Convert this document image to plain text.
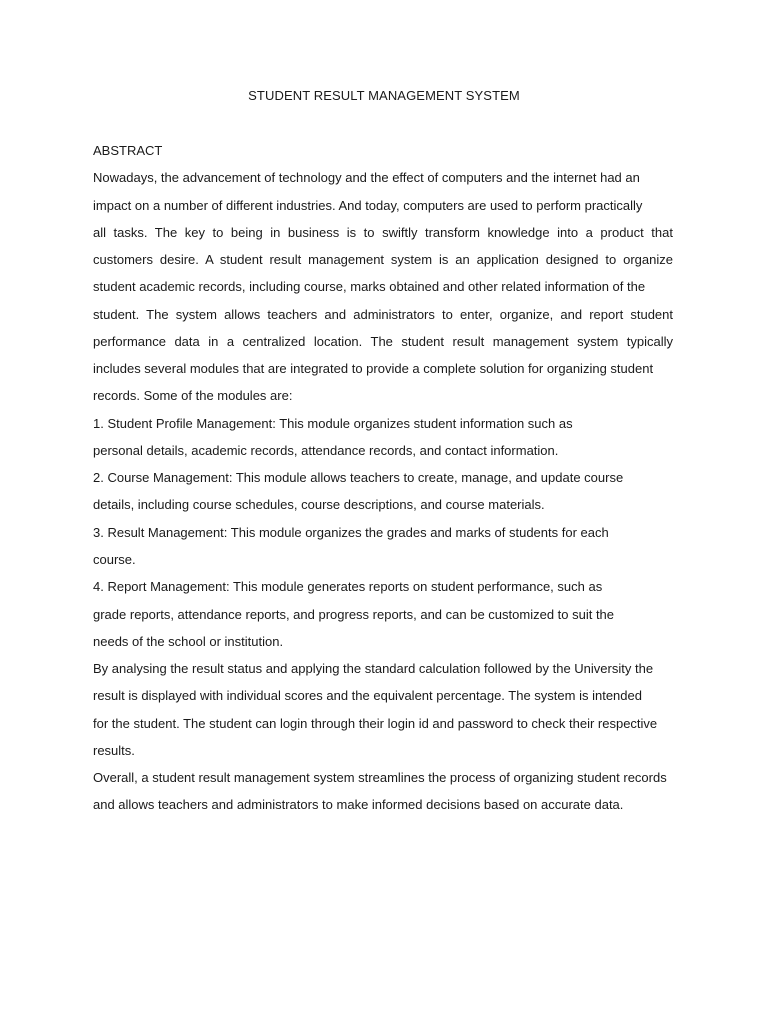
STUDENT RESULT MANAGEMENT SYSTEM
ABSTRACT
Nowadays, the advancement of technology and the effect of computers and the internet had an
impact on a number of different industries. And today, computers are used to perform practically
all tasks. The key to being in business is to swiftly transform knowledge into a product that
customers desire. A student result management system is an application designed to organize
student academic records, including course, marks obtained and other related information of the
student. The system allows teachers and administrators to enter, organize, and report student
performance data in a centralized location. The student result management system typically
includes several modules that are integrated to provide a complete solution for organizing student
records. Some of the modules are:
1. Student Profile Management: This module organizes student information such as
personal details, academic records, attendance records, and contact information.
2. Course Management: This module allows teachers to create, manage, and update course
details, including course schedules, course descriptions, and course materials.
3. Result Management: This module organizes the grades and marks of students for each
course.
4. Report Management: This module generates reports on student performance, such as
grade reports, attendance reports, and progress reports, and can be customized to suit the
needs of the school or institution.
By analysing the result status and applying the standard calculation followed by the University the
result is displayed with individual scores and the equivalent percentage. The system is intended
for the student. The student can login through their login id and password to check their respective
results.
Overall, a student result management system streamlines the process of organizing student records
and allows teachers and administrators to make informed decisions based on accurate data.
